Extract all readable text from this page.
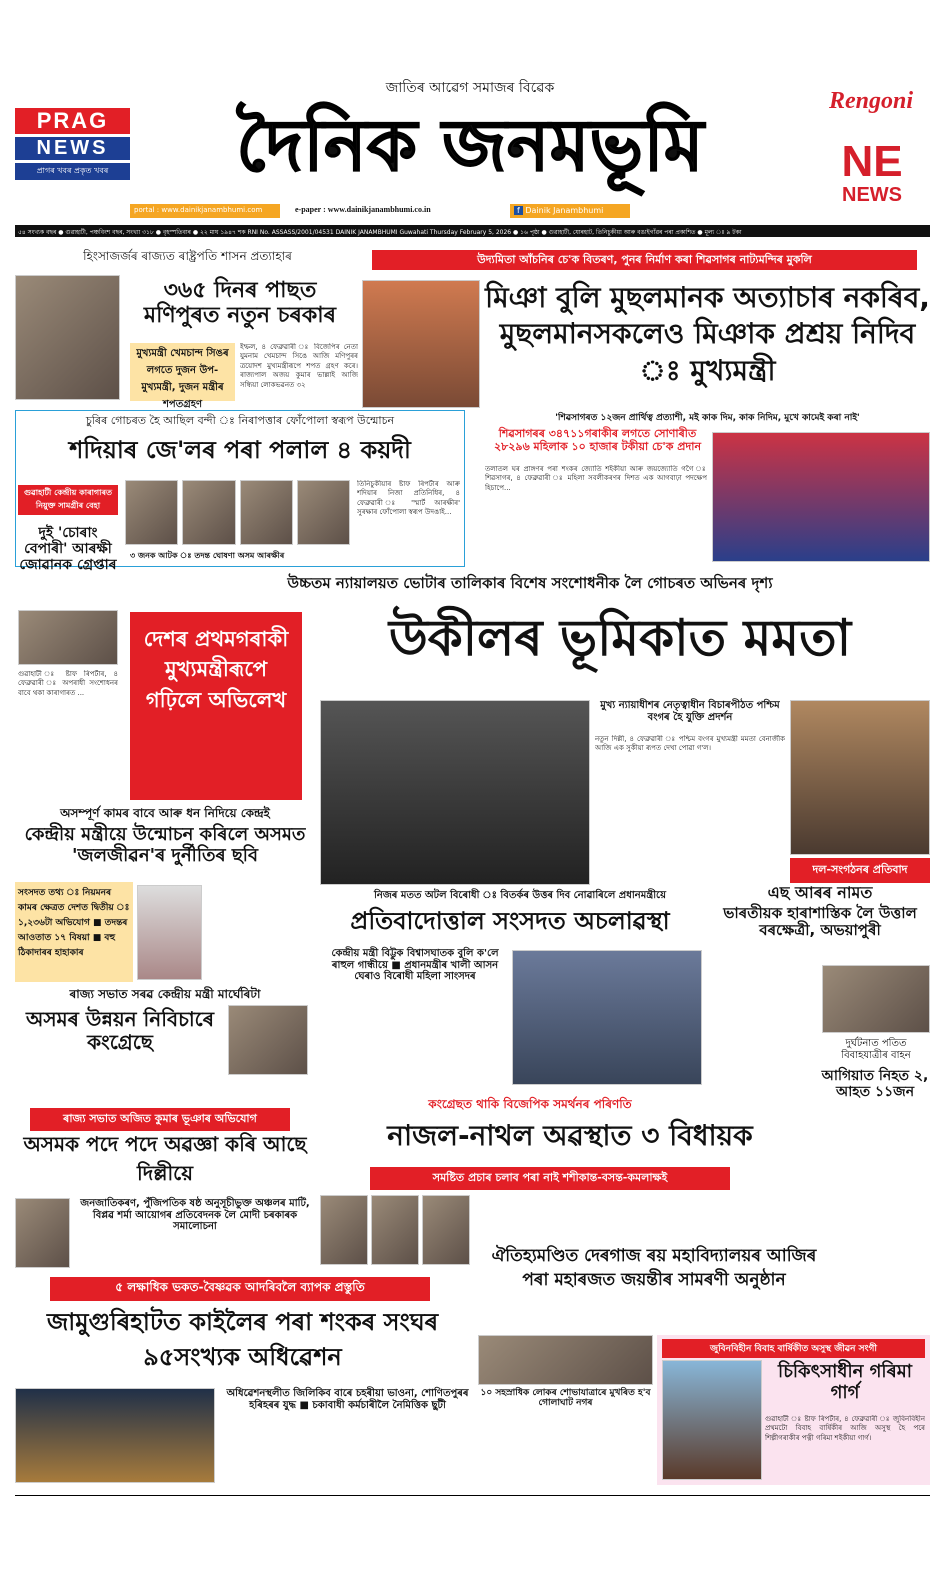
PRAG
NEWS
প্ৰাগৰ খবৰ প্ৰকৃত খবৰ
জাতিৰ আৱেগ সমাজৰ বিৱেক
দৈনিক জনমভূমি
portal : www.dainikjanambhumi.com	e-paper : www.dainikjanambhumi.co.in	f Dainik Janambhumi
Rengoni
NE
NEWS
৫৪ সংখ্যক বছৰ ● গুৱাহাটী, পঞ্চবিংশ বছৰ, সংখ্যা ৩১৮ ● বৃহস্পতিবাৰ ● ২২ মাঘ ১৯৪৭ শক RNI No. ASSASS/2001/04531 DAINIK JANAMBHUMI Guwahati Thursday February 5, 2026 ● ১৬ পৃষ্ঠা ● গুৱাহাটী, যোৰহাট, তিনিচুকীয়া আৰু বঙাইগাঁৱৰ পৰা প্ৰকাশিত ● মূল্য ঃ ৯ টকা
হিংসাজৰ্জৰ ৰাজ্যত ৰাষ্ট্ৰপতি শাসন প্ৰত্যাহাৰ
৩৬৫ দিনৰ পাছত মণিপুৰত নতুন চৰকাৰ
মুখ্যমন্ত্ৰী খেমচান্দ সিঙৰ লগতে দুজন উপ-মুখ্যমন্ত্ৰী, দুজন মন্ত্ৰীৰ শপতগ্ৰহণ
ইম্ফল, ৪ ফেব্ৰুৱাৰী ঃ বিজেপিৰ নেতা যুমনাম খেমচান্দ সিঙে আজি মণিপুৰৰ ত্ৰয়োদশ মুখ্যমন্ত্ৰীৰূপে শপত গ্ৰহণ কৰে। ৰাজ্যপাল অজয় কুমাৰ ভাল্লাই আজি সন্ধিয়া লোকভৱনত ৩২
উদ্যমিতা আঁচনিৰ চে'ক বিতৰণ, পুনৰ নিৰ্মাণ কৰা শিৱসাগৰ নাট্যমন্দিৰ মুকলি
মিঞা বুলি মুছলমানক অত্যাচাৰ নকৰিব, মুছলমানসকলেও মিঞাক প্ৰশ্ৰয় নিদিব ঃ মুখ্যমন্ত্ৰী
'শিৱসাগৰত ১২জন প্ৰাৰ্থিত্ব প্ৰত্যাশী, মই কাক দিম, কাক নিদিম, মুখে কামেই কৰা নাই'
শিৱসাগৰৰ ৩৪৭১১গৰাকীৰ লগতে সোণাৰীত ২৮২৯৬ মহিলাক ১০ হাজাৰ টকীয়া চে'ক প্ৰদান
তলাতল ঘৰ প্ৰাঙ্গণৰ পৰা শংকৰ জ্যোতি শইকীয়া আৰু জয়জ্যোতি গগৈ ঃ শিৱসাগৰ, ৪ ফেব্ৰুৱাৰী ঃ মহিলা সবলীকৰণৰ দিশত এক আগবাঢ়া পদক্ষেপ হিচাপে...
চুৰিৰ গোচৰত হৈ আছিল বন্দী ঃ নিৰাপত্তাৰ ফোঁপোলা স্বৰূপ উন্মোচন
শদিয়াৰ জে'লৰ পৰা পলাল ৪ কয়দী
গুৱাহাটী কেন্দ্ৰীয় কাৰাগাৰত নিয়ুক্ত সামগ্ৰীৰ বেহা
দুই 'চোৰাং বেপাৰী' আৰক্ষী জোৱানক গ্ৰেপ্তাৰ
৩ জনক আটক ঃ তদন্ত ঘোষণা অসম আৰক্ষীৰ
তিনিচুকীয়াৰ ষ্টাফ ৰিপৰ্টাৰ আৰু শদিয়াৰ নিজা প্ৰতিনিধিৰ, ৪ ফেব্ৰুৱাৰী ঃ 'স্মাৰ্ট আৰক্ষীৰ' সুৰক্ষাৰ ফোঁপোলা স্বৰূপ উদঙাই...
উচ্চতম ন্যায়ালয়ত ভোটাৰ তালিকাৰ বিশেষ সংশোধনীক লৈ গোচৰত অভিনৰ দৃশ্য
গুৱাহাটী ঃ ষ্টাফ ৰিপৰ্টাৰ, ৪ ফেব্ৰুৱাৰী ঃ অপৰাধী সংশোধনৰ বাবে থকা কাৰাগাৰত ...
দেশৰ প্ৰথমগৰাকী মুখ্যমন্ত্ৰীৰূপে গঢ়িলে অভিলেখ
উকীলৰ ভূমিকাত মমতা
মুখ্য ন্যায়াধীশৰ নেতৃত্বাধীন বিচাৰপীঠত পশ্চিম বংগৰ হৈ যুক্তি প্ৰদৰ্শন
নতুন দিল্লী, ৪ ফেব্ৰুৱাৰী ঃ পশ্চিম বংগৰ মুখ্যমন্ত্ৰী মমতা বেনাৰ্জীক আজি এক সুকীয়া ৰূপত দেখা পোৱা গ'ল।
দল-সংগঠনৰ প্ৰতিবাদ
অসম্পূৰ্ণ কামৰ বাবে আৰু ধন নিদিয়ে কেন্দ্ৰই
কেন্দ্ৰীয় মন্ত্ৰীয়ে উন্মোচন কৰিলে অসমত 'জলজীৱন'ৰ দুৰ্নীতিৰ ছবি
সংসদত তথ্য ঃ নিয়মনৰ কামৰ ক্ষেত্ৰত দেশত দ্বিতীয় ঃ ১,২৩৬টা অভিযোগ ■ তদন্তৰ আওতাত ১৭ বিষয়া ■ বহু ঠিকাদাৰৰ হাহাকাৰ
নিজৰ মতত অটল বিৰোধী ঃ বিতৰ্কৰ উত্তৰ দিব নোৱাৰিলে প্ৰধানমন্ত্ৰীয়ে
প্ৰতিবাদোত্তাল সংসদত অচলাৱস্থা
কেন্দ্ৰীয় মন্ত্ৰী বিট্টুক বিশ্বাসঘাতক বুলি ক'লে ৰাহুল গান্ধীয়ে ■ প্ৰধানমন্ত্ৰীৰ খালী আসন ঘেৰাও বিৰোধী মহিলা সাংসদৰ
এছ আৰৰ নামত
ভাৰতীয়ক হাৰাশাস্তিক লৈ উত্তাল বৰক্ষেত্ৰী, অভয়াপুৰী
দুৰ্ঘটনাত পতিত বিবাহযাত্ৰীৰ বাহন
আগিয়াত নিহত ২, আহত ১১জন
ৰাজ্য সভাত সৰৱ কেন্দ্ৰীয় মন্ত্ৰী মাৰ্ঘেৰিটা
অসমৰ উন্নয়ন নিবিচাৰে কংগ্ৰেছে
ৰাজ্য সভাত অজিত কুমাৰ ভূঞাৰ অভিযোগ
অসমক পদে পদে অৱজ্ঞা কৰি আছে দিল্লীয়ে
জনজাতিকৰণ, পুঁজিপতিক ষষ্ঠ অনুসূচীভুক্ত অঞ্চলৰ মাটি, বিপ্লৱ শৰ্মা আয়োগৰ প্ৰতিবেদনক লৈ মোদী চৰকাৰক সমালোচনা
কংগ্ৰেছত থাকি বিজেপিক সমৰ্থনৰ পৰিণতি
নাজল-নাথল অৱস্থাত ৩ বিধায়ক
সমষ্টিত প্ৰচাৰ চলাব পৰা নাই শশীকান্ত-বসন্ত-কমলাক্ষই
ঐতিহ্যমণ্ডিত দেৰগাজ ৰয় মহাবিদ্যালয়ৰ আজিৰ পৰা মহাৰজত জয়ন্তীৰ সামৰণী অনুষ্ঠান
১০ সহস্ৰাধিক লোকৰ শোভাযাত্ৰাৰে মুখৰিত হ'ব গোলাঘাট নগৰ
৫ লক্ষাধিক ভকত-বৈষ্ণৱক আদৰিবলৈ ব্যাপক প্ৰস্তুতি
জামুগুৰিহাটত কাইলৈৰ পৰা শংকৰ সংঘৰ ৯৫সংখ্যক অধিৱেশন
অধিৱেশনস্থলীত জিলিকিব বাৰে চহৰীয়া ভাওনা, শোণিতপুৰৰ হৰিহৰৰ যুদ্ধ ■ চকাবাধী কৰ্মচাৰীলৈ নৈমিত্তিক ছুটী
জুবিনবিহীন বিবাহ বাৰ্ষিকীত অসুস্থ জীৱন সংগী
চিকিৎসাধীন গৰিমা গাৰ্গ
গুৱাহাটী ঃ ষ্টাফ ৰিপৰ্টাৰ, ৪ ফেব্ৰুৱাৰী ঃ জুবিনবিহীন প্ৰথমটো বিবাহ বাৰ্ষিকীৰ আজি অসুস্থ হৈ পৰে শিল্পীগৰাকীৰ পত্নী গৰিমা শইকীয়া গাৰ্গ।
